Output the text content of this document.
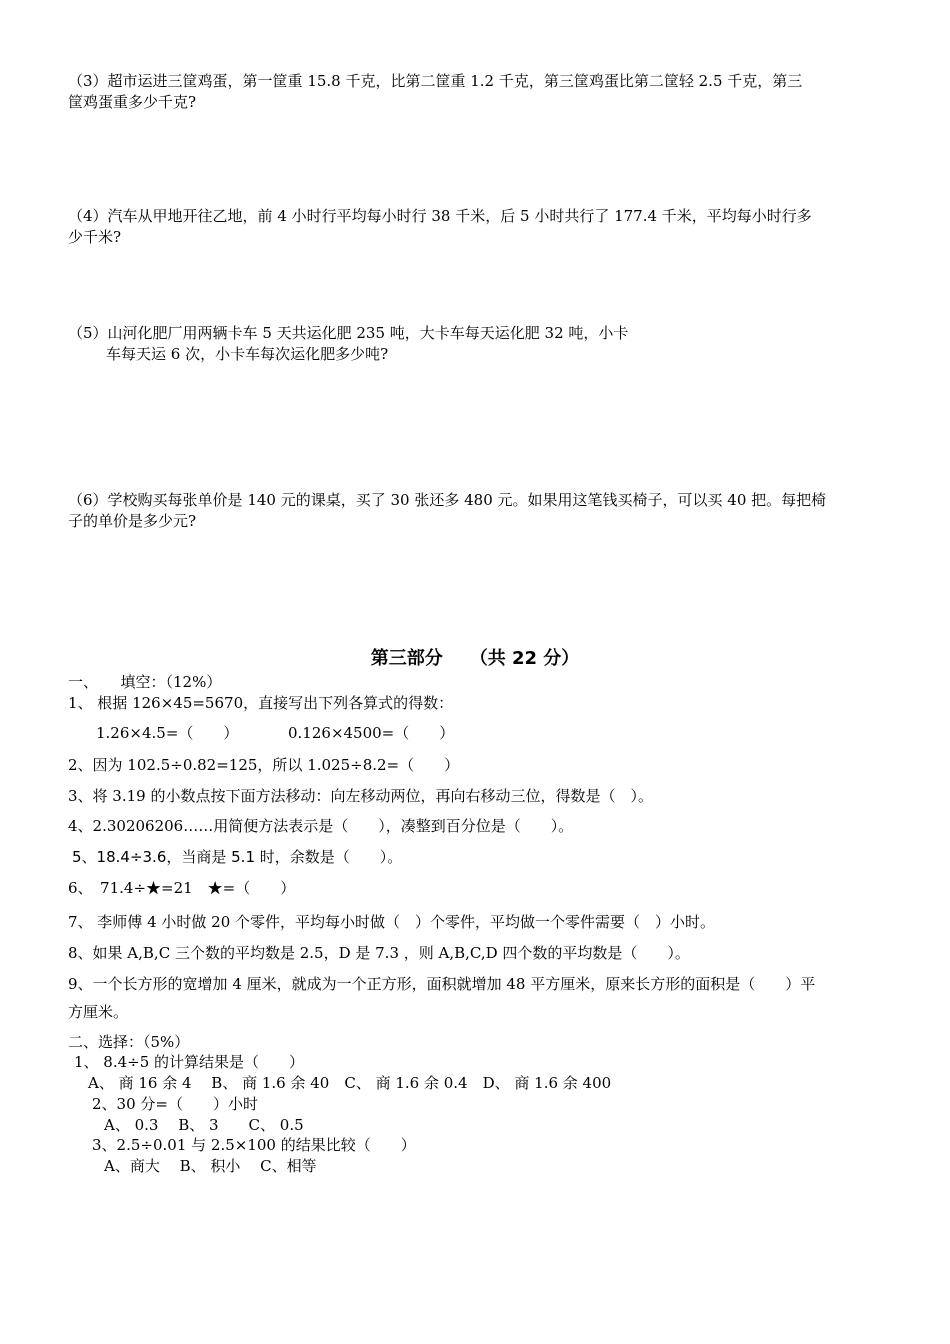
（3）超市运进三筐鸡蛋，第一筐重 15.8 千克，比第二筐重 1.2 千克，第三筐鸡蛋比第二筐轻 2.5 千克，第三
筐鸡蛋重多少千克?
（4）汽车从甲地开往乙地，前 4 小时行平均每小时行 38 千米，后 5 小时共行了 177.4 千米，平均每小时行多
少千米?
（5）山河化肥厂用两辆卡车 5 天共运化肥 235 吨，大卡车每天运化肥 32 吨，小卡
车每天运 6 次，小卡车每次运化肥多少吨?
（6）学校购买每张单价是 140 元的课桌，买了 30 张还多 480 元。如果用这笔钱买椅子，可以买 40 把。每把椅
子的单价是多少元?
第三部分　　（共 22 分）
一、　　填空：（12%）
1、 根据 126×45=5670，直接写出下列各算式的得数：
1.26×4.5=（　　）	0.126×4500=（　　）
2、因为 102.5÷0.82=125，所以 1.025÷8.2=（　　）
3、将 3.19 的小数点按下面方法移动：向左移动两位，再向右移动三位，得数是（　）。
4、2.30206206……用简便方法表示是（　　），凑整到百分位是（　　）。
5、18.4÷3.6，当商是 5.1 时，余数是（　　）。
6、　71.4÷★=21　★=（　　）
7、 李师傅 4 小时做 20 个零件，平均每小时做（　）个零件，平均做一个零件需要（　）小时。
8、如果 A,B,C 三个数的平均数是 2.5，D 是 7.3 ，则 A,B,C,D 四个数的平均数是（　　）。
9、一个长方形的宽增加 4 厘米，就成为一个正方形，面积就增加 48 平方厘米，原来长方形的面积是（　　）平
方厘米。
二、选择：（5%）
1、 8.4÷5 的计算结果是（　　）
A、 商 16 余 4　 B、 商 1.6 余 40　C、 商 1.6 余 0.4　D、 商 1.6 余 400
2、30 分=（　　）小时
A、 0.3　 B、 3　　C、 0.5
3、2.5÷0.01 与 2.5×100 的结果比较（　　）
A、商大　 B、 积小　 C、相等
